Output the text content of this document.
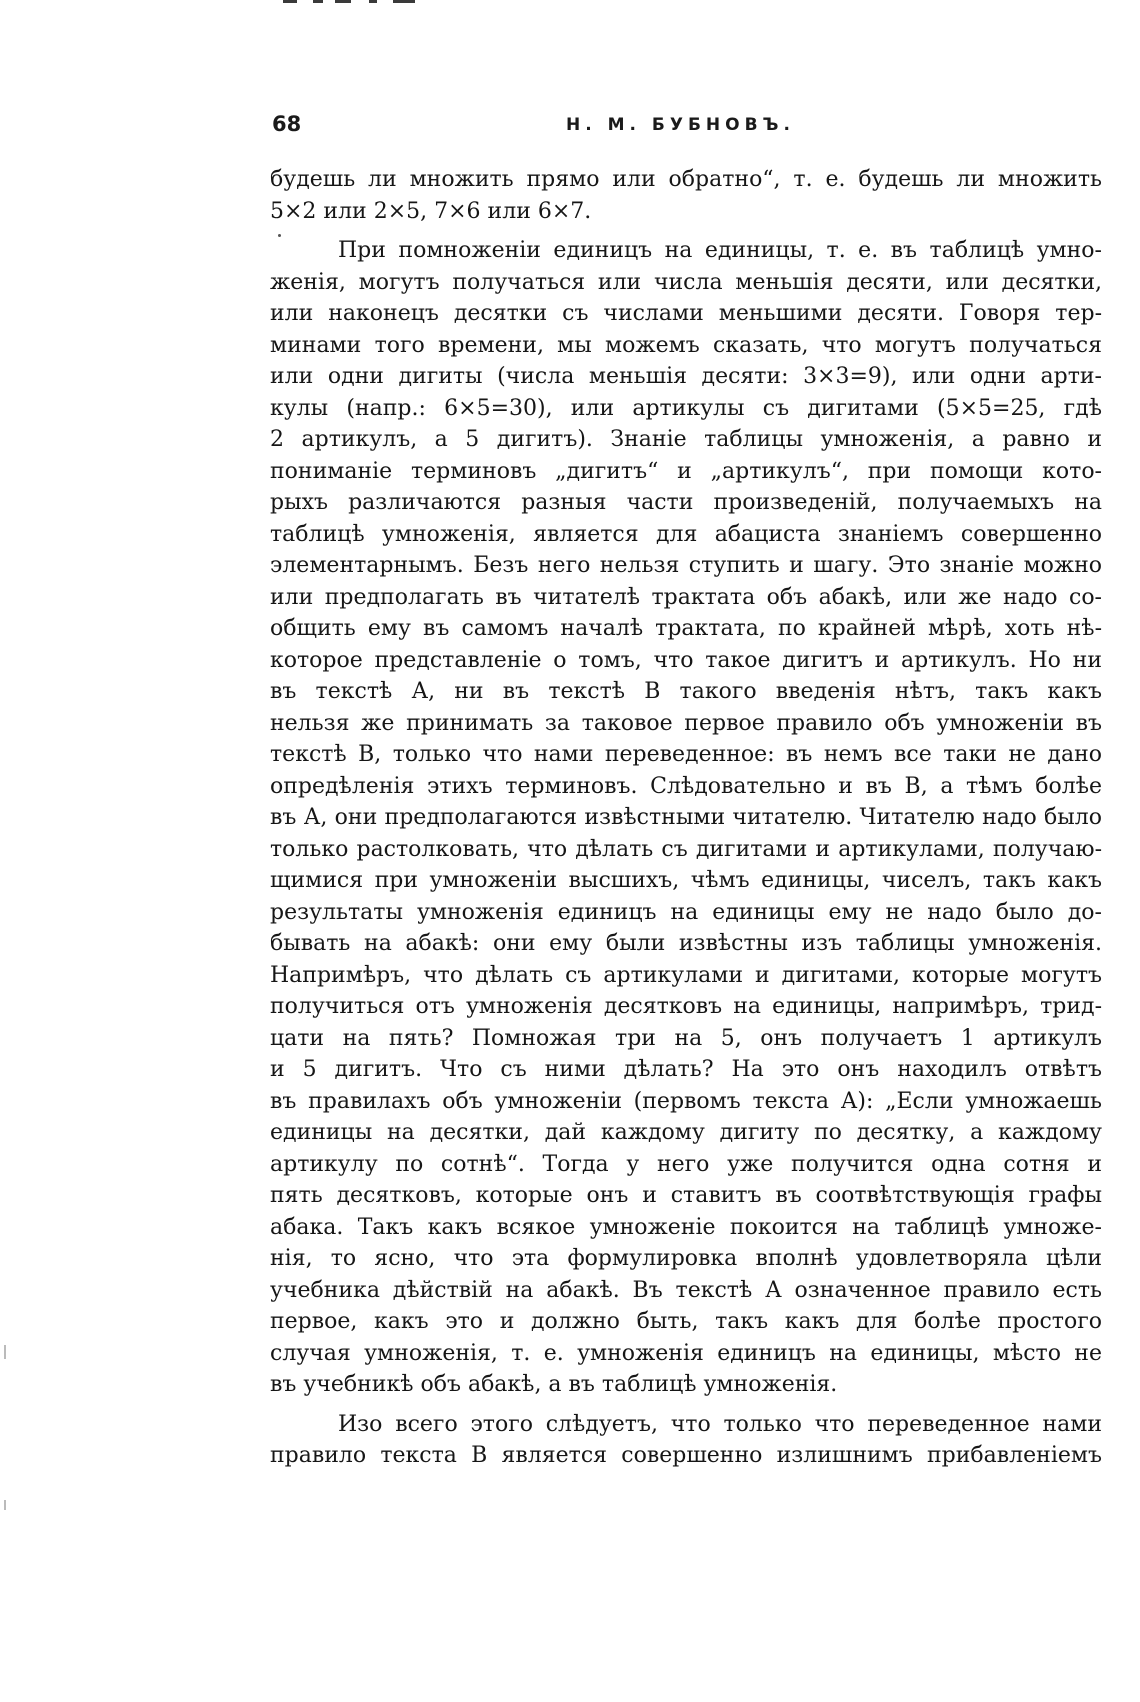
68	Н. М. БУБНОВЪ.
будешь ли множить прямо или обратно“, т. е. будешь ли множить
5×2 или 2×5, 7×6 или 6×7.
При помноженіи единицъ на единицы, т. е. въ таблицѣ умно-
женія, могутъ получаться или числа меньшія десяти, или десятки,
или наконецъ десятки съ числами меньшими десяти. Говоря тер-
минами того времени, мы можемъ сказать, что могутъ получаться
или одни дигиты (числа меньшія десяти: 3×3=9), или одни арти-
кулы (напр.: 6×5=30), или артикулы съ дигитами (5×5=25, гдѣ
2 артикулъ, а 5 дигитъ). Знаніе таблицы умноженія, а равно и
пониманіе терминовъ „дигитъ“ и „артикулъ“, при помощи кото-
рыхъ различаются разныя части произведеній, получаемыхъ на
таблицѣ умноженія, является для абациста знаніемъ совершенно
элементарнымъ. Безъ него нельзя ступить и шагу. Это знаніе можно
или предполагать въ читателѣ трактата объ абакѣ, или же надо со-
общить ему въ самомъ началѣ трактата, по крайней мѣрѣ, хоть нѣ-
которое представленіе о томъ, что такое дигитъ и артикулъ. Но ни
въ текстѣ А, ни въ текстѣ В такого введенія нѣтъ, такъ какъ
нельзя же принимать за таковое первое правило объ умноженіи въ
текстѣ В, только что нами переведенное: въ немъ все таки не дано
опредѣленія этихъ терминовъ. Слѣдовательно и въ В, а тѣмъ болѣе
въ А, они предполагаются извѣстными читателю. Читателю надо было
только растолковать, что дѣлать съ дигитами и артикулами, получаю-
щимися при умноженіи высшихъ, чѣмъ единицы, чиселъ, такъ какъ
результаты умноженія единицъ на единицы ему не надо было до-
бывать на абакѣ: они ему были извѣстны изъ таблицы умноженія.
Напримѣръ, что дѣлать съ артикулами и дигитами, которые могутъ
получиться отъ умноженія десятковъ на единицы, напримѣръ, трид-
цати на пять? Помножая три на 5, онъ получаетъ 1 артикулъ
и 5 дигитъ. Что съ ними дѣлать? На это онъ находилъ отвѣтъ
въ правилахъ объ умноженіи (первомъ текста А): „Если умножаешь
единицы на десятки, дай каждому дигиту по десятку, а каждому
артикулу по сотнѣ“. Тогда у него уже получится одна сотня и
пять десятковъ, которые онъ и ставитъ въ соотвѣтствующія графы
абака. Такъ какъ всякое умноженіе покоится на таблицѣ умноже-
нія, то ясно, что эта формулировка вполнѣ удовлетворяла цѣли
учебника дѣйствій на абакѣ. Въ текстѣ А означенное правило есть
первое, какъ это и должно быть, такъ какъ для болѣе простого
случая умноженія, т. е. умноженія единицъ на единицы, мѣсто не
въ учебникѣ объ абакѣ, а въ таблицѣ умноженія.
Изо всего этого слѣдуетъ, что только что переведенное нами
правило текста В является совершенно излишнимъ прибавленіемъ
